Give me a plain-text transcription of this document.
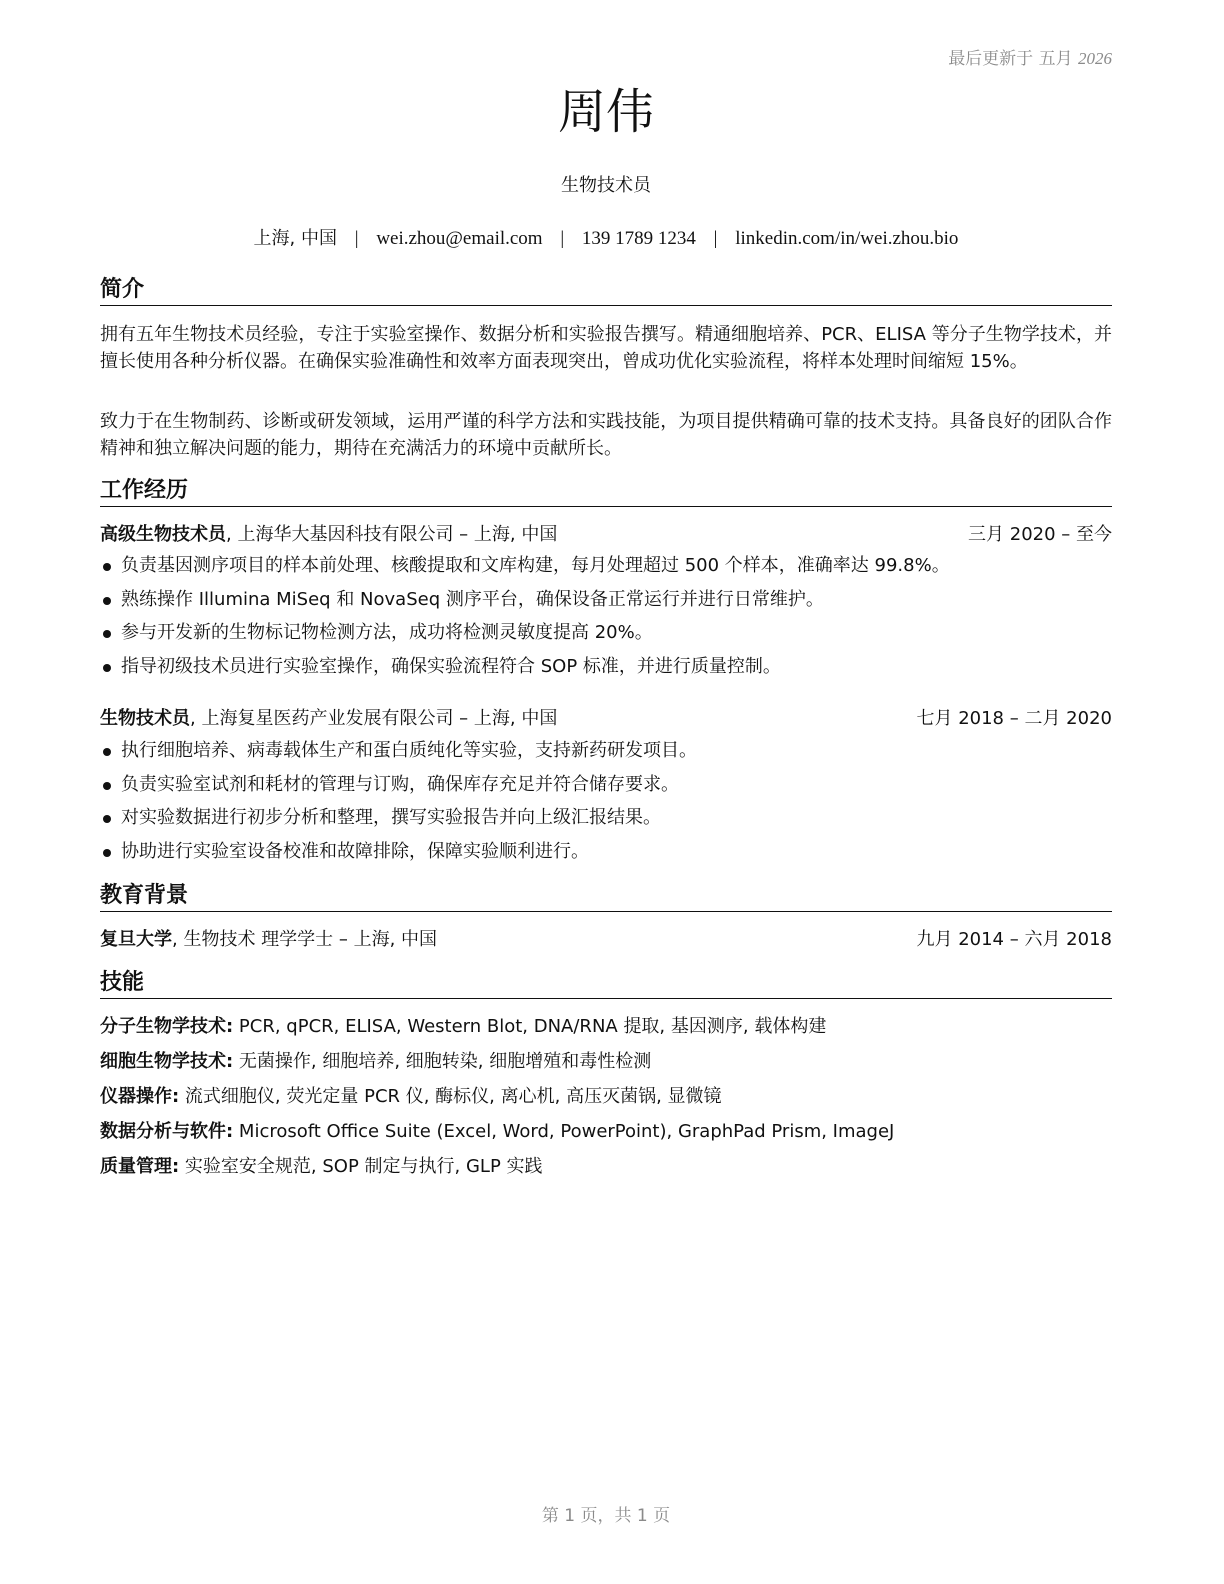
最后更新于 五月 2026
周伟
生物技术员
上海, 中国 | wei.zhou@email.com | 139 1789 1234 | linkedin.com/in/wei.zhou.bio
简介
拥有五年生物技术员经验，专注于实验室操作、数据分析和实验报告撰写。精通细胞培养、PCR、ELISA 等分子生物学技术，并擅长使用各种分析仪器。在确保实验准确性和效率方面表现突出，曾成功优化实验流程，将样本处理时间缩短 15%。
致力于在生物制药、诊断或研发领域，运用严谨的科学方法和实践技能，为项目提供精确可靠的技术支持。具备良好的团队合作精神和独立解决问题的能力，期待在充满活力的环境中贡献所长。
工作经历
高级生物技术员, 上海华大基因科技有限公司 – 上海, 中国	三月 2020 – 至今
负责基因测序项目的样本前处理、核酸提取和文库构建，每月处理超过 500 个样本，准确率达 99.8%。
熟练操作 Illumina MiSeq 和 NovaSeq 测序平台，确保设备正常运行并进行日常维护。
参与开发新的生物标记物检测方法，成功将检测灵敏度提高 20%。
指导初级技术员进行实验室操作，确保实验流程符合 SOP 标准，并进行质量控制。
生物技术员, 上海复星医药产业发展有限公司 – 上海, 中国	七月 2018 – 二月 2020
执行细胞培养、病毒载体生产和蛋白质纯化等实验，支持新药研发项目。
负责实验室试剂和耗材的管理与订购，确保库存充足并符合储存要求。
对实验数据进行初步分析和整理，撰写实验报告并向上级汇报结果。
协助进行实验室设备校准和故障排除，保障实验顺利进行。
教育背景
复旦大学, 生物技术 理学学士 – 上海, 中国	九月 2014 – 六月 2018
技能
分子生物学技术: PCR, qPCR, ELISA, Western Blot, DNA/RNA 提取, 基因测序, 载体构建
细胞生物学技术: 无菌操作, 细胞培养, 细胞转染, 细胞增殖和毒性检测
仪器操作: 流式细胞仪, 荧光定量 PCR 仪, 酶标仪, 离心机, 高压灭菌锅, 显微镜
数据分析与软件: Microsoft Office Suite (Excel, Word, PowerPoint), GraphPad Prism, ImageJ
质量管理: 实验室安全规范, SOP 制定与执行, GLP 实践
第 1 页，共 1 页
